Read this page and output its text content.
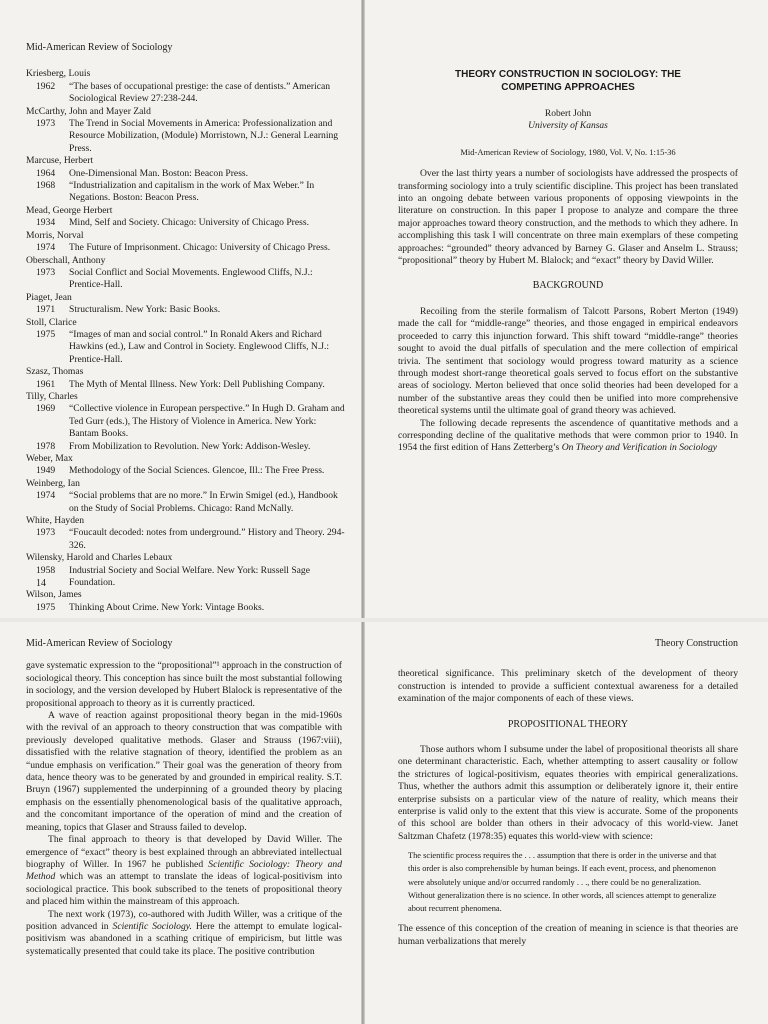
Mid-American Review of Sociology

Kriesberg, Louis

1962	“The bases of occupational prestige: the case of dentists.” American Sociological Review 27:238-244.

McCarthy, John and Mayer Zald

1973	The Trend in Social Movements in America: Professionalization and Resource Mobilization, (Module) Morristown, N.J.: General Learning Press.

Marcuse, Herbert

1964	One-Dimensional Man. Boston: Beacon Press.
1968	“Industrialization and capitalism in the work of Max Weber.” In Negations. Boston: Beacon Press.

Mead, George Herbert

1934	Mind, Self and Society. Chicago: University of Chicago Press.

Morris, Norval

1974	The Future of Imprisonment. Chicago: University of Chicago Press.

Oberschall, Anthony

1973	Social Conflict and Social Movements. Englewood Cliffs, N.J.: Prentice-Hall.

Piaget, Jean

1971	Structuralism. New York: Basic Books.

Stoll, Clarice

1975	“Images of man and social control.” In Ronald Akers and Richard Hawkins (ed.), Law and Control in Society. Englewood Cliffs, N.J.: Prentice-Hall.

Szasz, Thomas

1961	The Myth of Mental Illness. New York: Dell Publishing Company.

Tilly, Charles

1969	“Collective violence in European perspective.” In Hugh D. Graham and Ted Gurr (eds.), The History of Violence in America. New York: Bantam Books.
1978	From Mobilization to Revolution. New York: Addison-Wesley.

Weber, Max

1949	Methodology of the Social Sciences. Glencoe, Ill.: The Free Press.

Weinberg, Ian

1974	“Social problems that are no more.” In Erwin Smigel (ed.), Handbook on the Study of Social Problems. Chicago: Rand McNally.

White, Hayden

1973	“Foucault decoded: notes from underground.” History and Theory. 294-326.

Wilensky, Harold and Charles Lebaux

1958	Industrial Society and Social Welfare. New York: Russell Sage Foundation.

Wilson, James

1975	Thinking About Crime. New York: Vintage Books.
14

THEORY CONSTRUCTION IN SOCIOLOGY: THE

COMPETING APPROACHES

Robert John

University of Kansas

Mid-American Review of Sociology, 1980, Vol. V, No. 1:15-36

Over the last thirty years a number of sociologists have addressed the prospects of transforming sociology into a truly scientific discipline. This project has been translated into an ongoing debate between various proponents of opposing viewpoints in the literature on construction. In this paper I propose to analyze and compare the three major approaches toward theory construction, and the methods to which they adhere. In accomplishing this task I will concentrate on three main exemplars of these competing approaches: “grounded” theory advanced by Barney G. Glaser and Anselm L. Strauss; “propositional” theory by Hubert M. Blalock; and “exact” theory by David Willer.

BACKGROUND

Recoiling from the sterile formalism of Talcott Parsons, Robert Merton (1949) made the call for “middle-range” theories, and those engaged in empirical endeavors proceeded to carry this injunction forward. This shift toward “middle-range” theories sought to avoid the dual pitfalls of speculation and the mere collection of empirical trivia. The sentiment that sociology would progress toward maturity as a science through modest short-range theoretical goals served to focus effort on the substantive areas of sociology. Merton believed that once solid theories had been developed for a number of the substantive areas they could then be unified into more comprehensive theoretical systems until the ultimate goal of grand theory was achieved.

The following decade represents the ascendence of quantitative methods and a corresponding decline of the qualitative methods that were common prior to 1940. In 1954 the first edition of Hans Zetterberg’s On Theory and Verification in Sociology

Mid-American Review of Sociology

gave systematic expression to the “propositional”¹ approach in the construction of sociological theory. This conception has since built the most substantial following in sociology, and the version developed by Hubert Blalock is representative of the propositional approach to theory as it is currently practiced.

A wave of reaction against propositional theory began in the mid-1960s with the revival of an approach to theory construction that was compatible with previously developed qualitative methods. Glaser and Strauss (1967:viii), dissatisfied with the relative stagnation of theory, identified the problem as an “undue emphasis on verification.” Their goal was the generation of theory from data, hence theory was to be generated by and grounded in empirical reality. S.T. Bruyn (1967) supplemented the underpinning of a grounded theory by placing emphasis on the essentially phenomenological basis of the qualitative approach, and the concomitant importance of the operation of mind and the creation of meaning, topics that Glaser and Strauss failed to develop.

The final approach to theory is that developed by David Willer. The emergence of “exact” theory is best explained through an abbreviated intellectual biography of Willer. In 1967 he published Scientific Sociology: Theory and Method which was an attempt to translate the ideas of logical-positivism into sociological practice. This book subscribed to the tenets of propositional theory and placed him within the mainstream of this approach.

The next work (1973), co-authored with Judith Willer, was a critique of the position advanced in Scientific Sociology. Here the attempt to emulate logical-positivism was abandoned in a scathing critique of empiricism, but little was systematically presented that could take its place. The positive contribution

Theory Construction

theoretical significance. This preliminary sketch of the development of theory construction is intended to provide a sufficient contextual awareness for a detailed examination of the major components of each of these views.

PROPOSITIONAL THEORY

Those authors whom I subsume under the label of propositional theorists all share one determinant characteristic. Each, whether attempting to assert causality or follow the strictures of logical-positivism, equates theories with empirical generalizations. Thus, whether the authors admit this assumption or deliberately ignore it, their entire enterprise subsists on a particular view of the nature of reality, which means their enterprise is valid only to the extent that this view is accurate. Some of the proponents of this school are bolder than others in their advocacy of this world-view. Janet Saltzman Chafetz (1978:35) equates this world-view with science:

The scientific process requires the . . . assumption that there is order in the universe and that this order is also comprehensible by human beings. If each event, process, and phenomenon were absolutely unique and/or occurred randomly . . ., there could be no generalization. Without generalization there is no science. In other words, all sciences attempt to generalize about recurrent phenomena.

The essence of this conception of the creation of meaning in science is that theories are human verbalizations that merely
